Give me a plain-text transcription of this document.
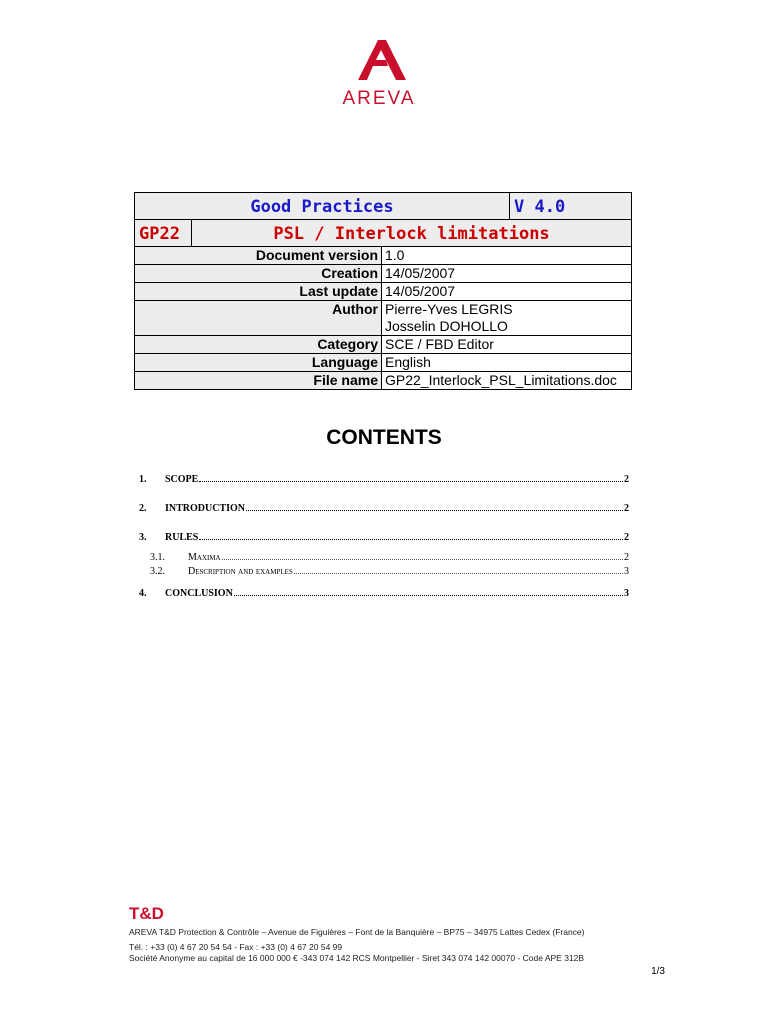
AREVA
Good Practices	V 4.0
GP22	PSL / Interlock limitations
Document version	1.0
Creation	14/05/2007
Last update	14/05/2007
Author	Pierre-Yves LEGRIS
Josselin DOHOLLO

Category	SCE / FBD Editor
Language	English
File name	GP22_Interlock_PSL_Limitations.doc
CONTENTS
1.	SCOPE	2
2.	INTRODUCTION	2
3.	RULES	2
3.1.	Maxima	2
3.2.	Description and examples	3
4.	CONCLUSION	3
T&D
AREVA T&D Protection & Contrôle – Avenue de Figuières – Font de la Banquière – BP75 – 34975 Lattes Cedex (France)
Tél. : +33 (0) 4 67 20 54 54 - Fax : +33 (0) 4 67 20 54 99
Société Anonyme au capital de 16 000 000 € -343 074 142 RCS Montpellier - Siret 343 074 142 00070 - Code APE 312B
1/3
